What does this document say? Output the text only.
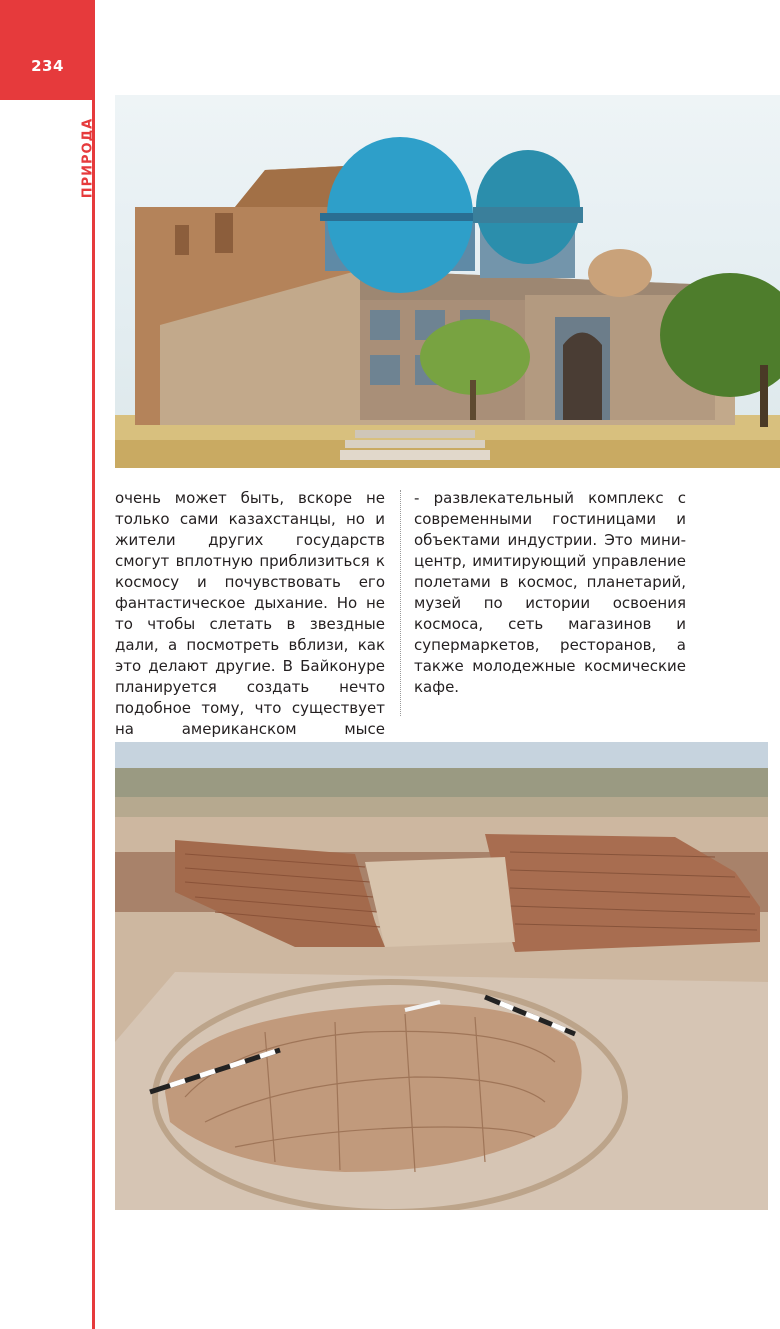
234
ПРИРОДА

очень может быть, вскоре не только сами казахстанцы, но и жители других государств смогут вплотную приблизиться к космосу и почувствовать его фантастическое дыхание. Но не то чтобы слетать в звездные дали, а посмотреть вблизи, как это делают другие. В Байконуре планируется создать нечто подобное тому, что существует на американском мысе

- развлекательный комплекс с современными гостиницами и объектами индустрии. Это мини-центр, имитирующий управление полетами в космос, планетарий, музей по истории освоения космоса, сеть магазинов и супермаркетов, ресторанов, а также молодежные космические кафе.
